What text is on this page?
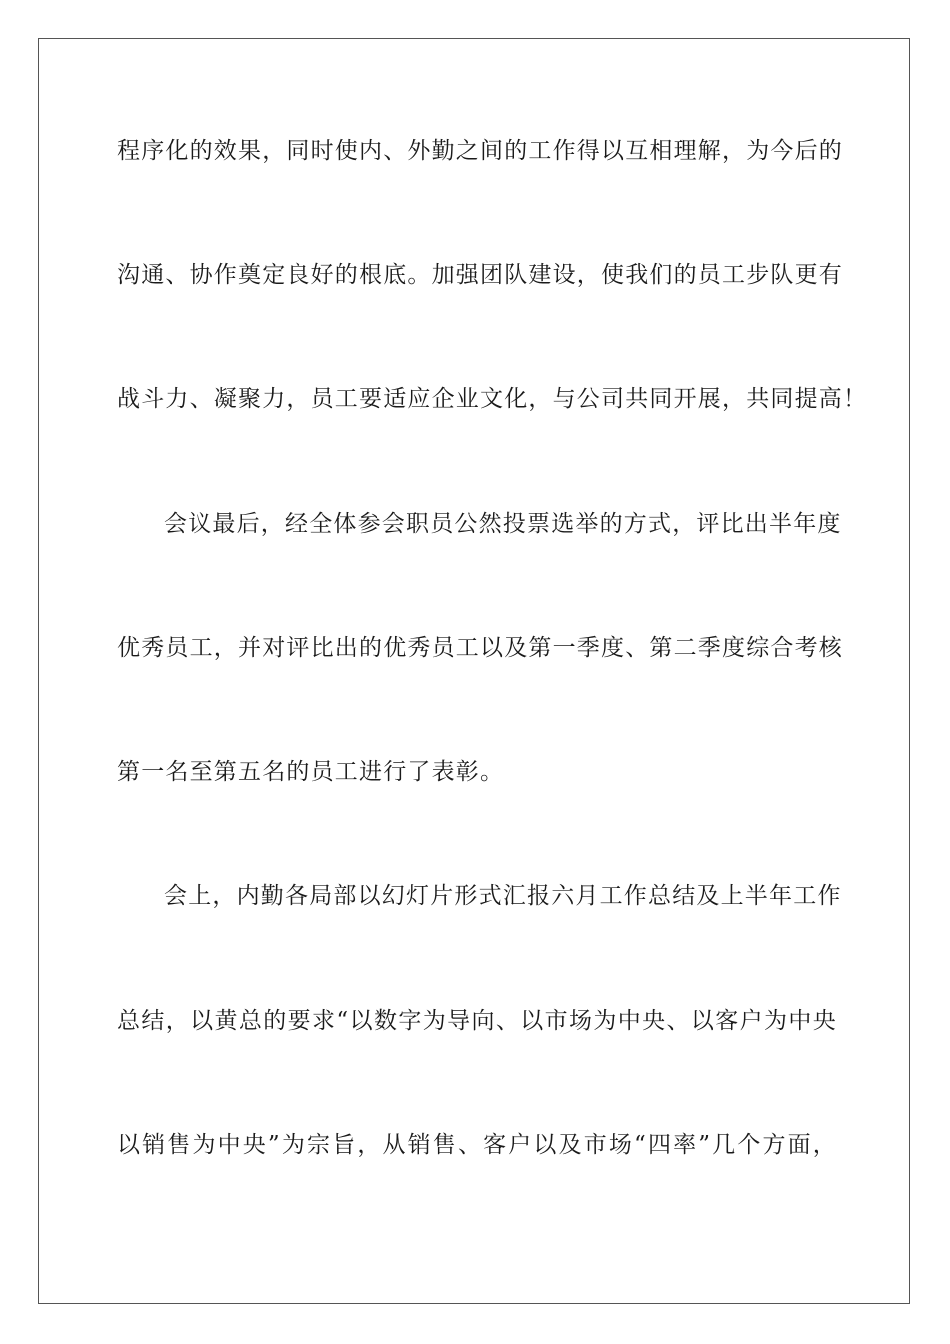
程序化的效果，同时使内、外勤之间的工作得以互相理解，为今后的
沟通、协作奠定良好的根底。加强团队建设，使我们的员工步队更有
战斗力、凝聚力，员工要适应企业文化，与公司共同开展，共同提高！
会议最后，经全体参会职员公然投票选举的方式，评比出半年度
优秀员工，并对评比出的优秀员工以及第一季度、第二季度综合考核
第一名至第五名的员工进行了表彰。
会上，内勤各局部以幻灯片形式汇报六月工作总结及上半年工作
总结，以黄总的要求“以数字为导向、以市场为中央、以客户为中央
以销售为中央”为宗旨，从销售、客户以及市场“四率”几个方面，
